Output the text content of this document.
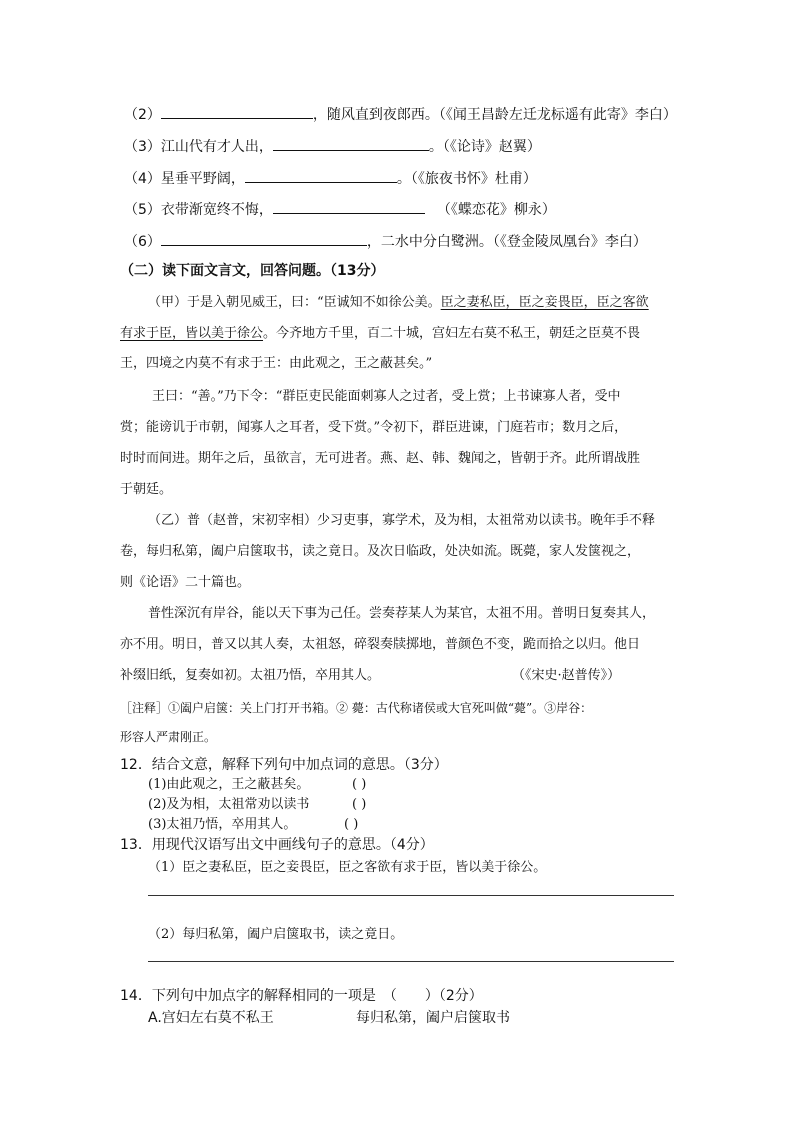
（2）	，随风直到夜郎西。（《闻王昌龄左迁龙标遥有此寄》李白）
（3）江山代有才人出，	。（《论诗》赵翼）
（4）星垂平野阔，	。（《旅夜书怀》杜甫）
（5）衣带渐宽终不悔，	（《蝶恋花》柳永）
（6）	，二水中分白鹭洲。（《登金陵凤凰台》李白）
（二）读下面文言文，回答问题。（13分）
（甲）于是入朝见威王，曰：“臣诚知不如徐公美。臣之妻私臣，臣之妾畏臣，臣之客欲
有求于臣，皆以美于徐公。今齐地方千里，百二十城，宫妇左右莫不私王，朝廷之臣莫不畏
王，四境之内莫不有求于王：由此观之，王之蔽甚矣。”
王曰：“善。”乃下令：“群臣吏民能面刺寡人之过者，受上赏；上书谏寡人者，受中
赏；能谤讥于市朝，闻寡人之耳者，受下赏。”令初下，群臣进谏，门庭若市；数月之后，
时时而间进。期年之后，虽欲言，无可进者。燕、赵、韩、魏闻之，皆朝于齐。此所谓战胜
于朝廷。
（乙）普（赵普，宋初宰相）少习吏事，寡学术，及为相，太祖常劝以读书。晚年手不释
卷，每归私第，阖户启箧取书，读之竟日。及次日临政，处决如流。既薨，家人发箧视之，
则《论语》二十篇也。
普性深沉有岸谷，能以天下事为己任。尝奏荐某人为某官，太祖不用。普明日复奏其人，
亦不用。明日，普又以其人奏，太祖怒，碎裂奏牍掷地，普颜色不变，跪而拾之以归。他日
补缀旧纸，复奏如初。太祖乃悟，卒用其人。	（《宋史·赵普传》）
［注释］①阖户启箧：关上门打开书箱。② 薨：古代称诸侯或大官死叫做“薨”。③岸谷：
形容人严肃刚正。
12．结合文意，解释下列句中加点词的意思。（3分）
(1)由此观之，王之蔽甚矣。	( )
(2)及为相，太祖常劝以读书	( )
(3)太祖乃悟，卒用其人。	( )
13．用现代汉语写出文中画线句子的意思。（4分）
（1）臣之妻私臣，臣之妾畏臣，臣之客欲有求于臣，皆以美于徐公。
（2）每归私第，阖户启箧取书，读之竟日。
14．下列句中加点字的解释相同的一项是　（　　）（2分）
A.宫妇左右莫不私王	每归私第，阖户启箧取书
